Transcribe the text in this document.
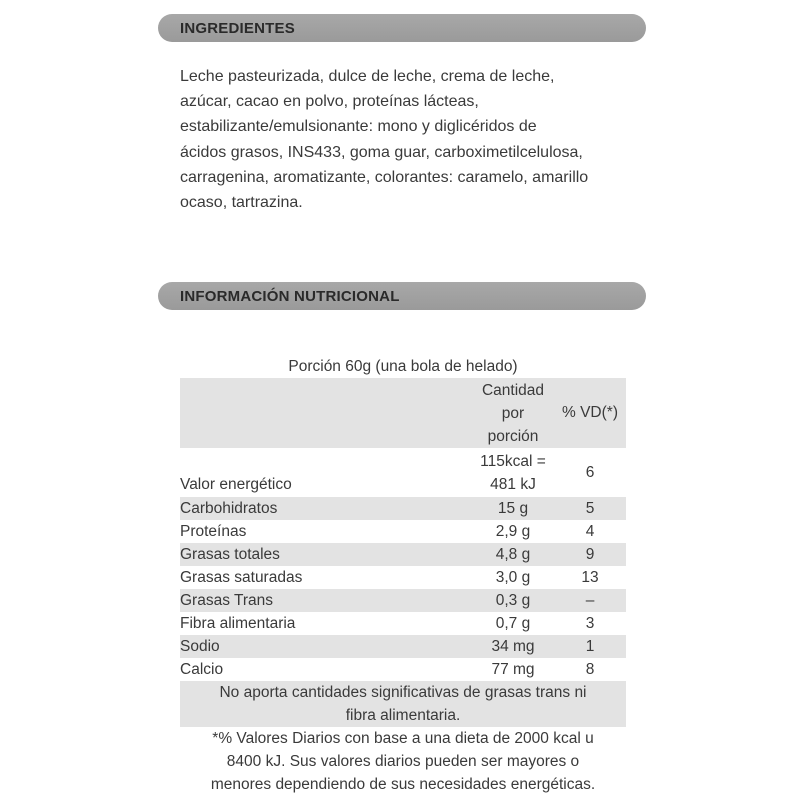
INGREDIENTES
Leche pasteurizada, dulce de leche, crema de leche,
azúcar, cacao en polvo, proteínas lácteas,
estabilizante/emulsionante: mono y diglicéridos de
ácidos grasos, INS433, goma guar, carboximetilcelulosa,
carragenina, aromatizante, colorantes: caramelo, amarillo
ocaso, tartrazina.
INFORMACIÓN NUTRICIONAL
Porción 60g (una bola de helado)

	Cantidad
por
porción	% VD(*)
Valor energético	115kcal =
481 kJ	6
Carbohidratos	15 g	5
Proteínas	2,9 g	4
Grasas totales	4,8 g	9
Grasas saturadas	3,0 g	13
Grasas Trans	0,3 g	–
Fibra alimentaria	0,7 g	3
Sodio	34 mg	1
Calcio	77 mg	8

No aporta cantidades significativas de grasas trans ni
fibra alimentaria.		
*% Valores Diarios con base a una dieta de 2000 kcal u
8400 kJ. Sus valores diarios pueden ser mayores o
menores dependiendo de sus necesidades energéticas.
